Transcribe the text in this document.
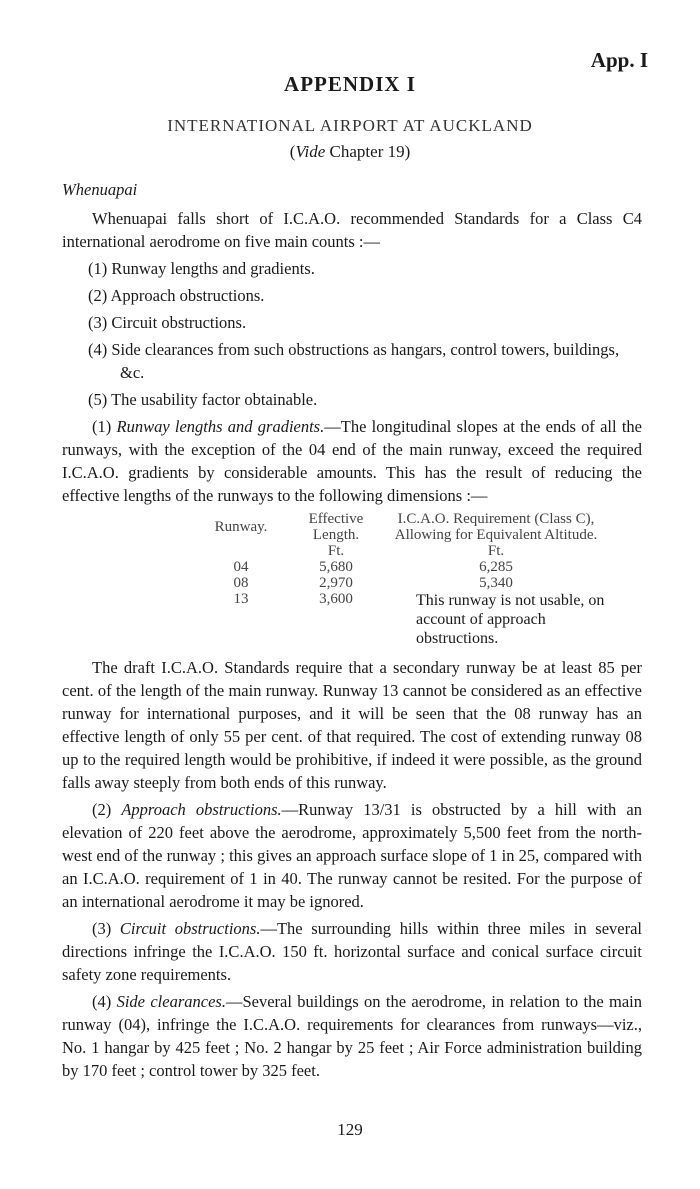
App. I
APPENDIX I
INTERNATIONAL AIRPORT AT AUCKLAND
(Vide Chapter 19)
Whenuapai

Whenuapai falls short of I.C.A.O. recommended Standards for a Class C4 international aerodrome on five main counts :—

(1) Runway lengths and gradients.
(2) Approach obstructions.
(3) Circuit obstructions.
(4) Side clearances from such obstructions as hangars, control towers, buildings, &c.
(5) The usability factor obtainable.

(1) Runway lengths and gradients.—The longitudinal slopes at the ends of all the runways, with the exception of the 04 end of the main runway, exceed the required I.C.A.O. gradients by considerable amounts. This has the result of reducing the effective lengths of the runways to the following dimensions :—

Runway.	Effective Length.	I.C.A.O. Requirement (Class C), Allowing for Equivalent Altitude.
	Ft.	Ft.
04	5,680	6,285
08	2,970	5,340
13	3,600	This runway is not usable, on account of approach obstructions.

The draft I.C.A.O. Standards require that a secondary runway be at least 85 per cent. of the length of the main runway. Runway 13 cannot be considered as an effective runway for international purposes, and it will be seen that the 08 runway has an effective length of only 55 per cent. of that required. The cost of extending runway 08 up to the required length would be prohibitive, if indeed it were possible, as the ground falls away steeply from both ends of this runway.

(2) Approach obstructions.—Runway 13/31 is obstructed by a hill with an elevation of 220 feet above the aerodrome, approximately 5,500 feet from the north-west end of the runway ; this gives an approach surface slope of 1 in 25, compared with an I.C.A.O. requirement of 1 in 40. The runway cannot be resited. For the purpose of an international aerodrome it may be ignored.

(3) Circuit obstructions.—The surrounding hills within three miles in several directions infringe the I.C.A.O. 150 ft. horizontal surface and conical surface circuit safety zone requirements.

(4) Side clearances.—Several buildings on the aerodrome, in relation to the main runway (04), infringe the I.C.A.O. requirements for clearances from runways—viz., No. 1 hangar by 425 feet ; No. 2 hangar by 25 feet ; Air Force administration building by 170 feet ; control tower by 325 feet.

129
